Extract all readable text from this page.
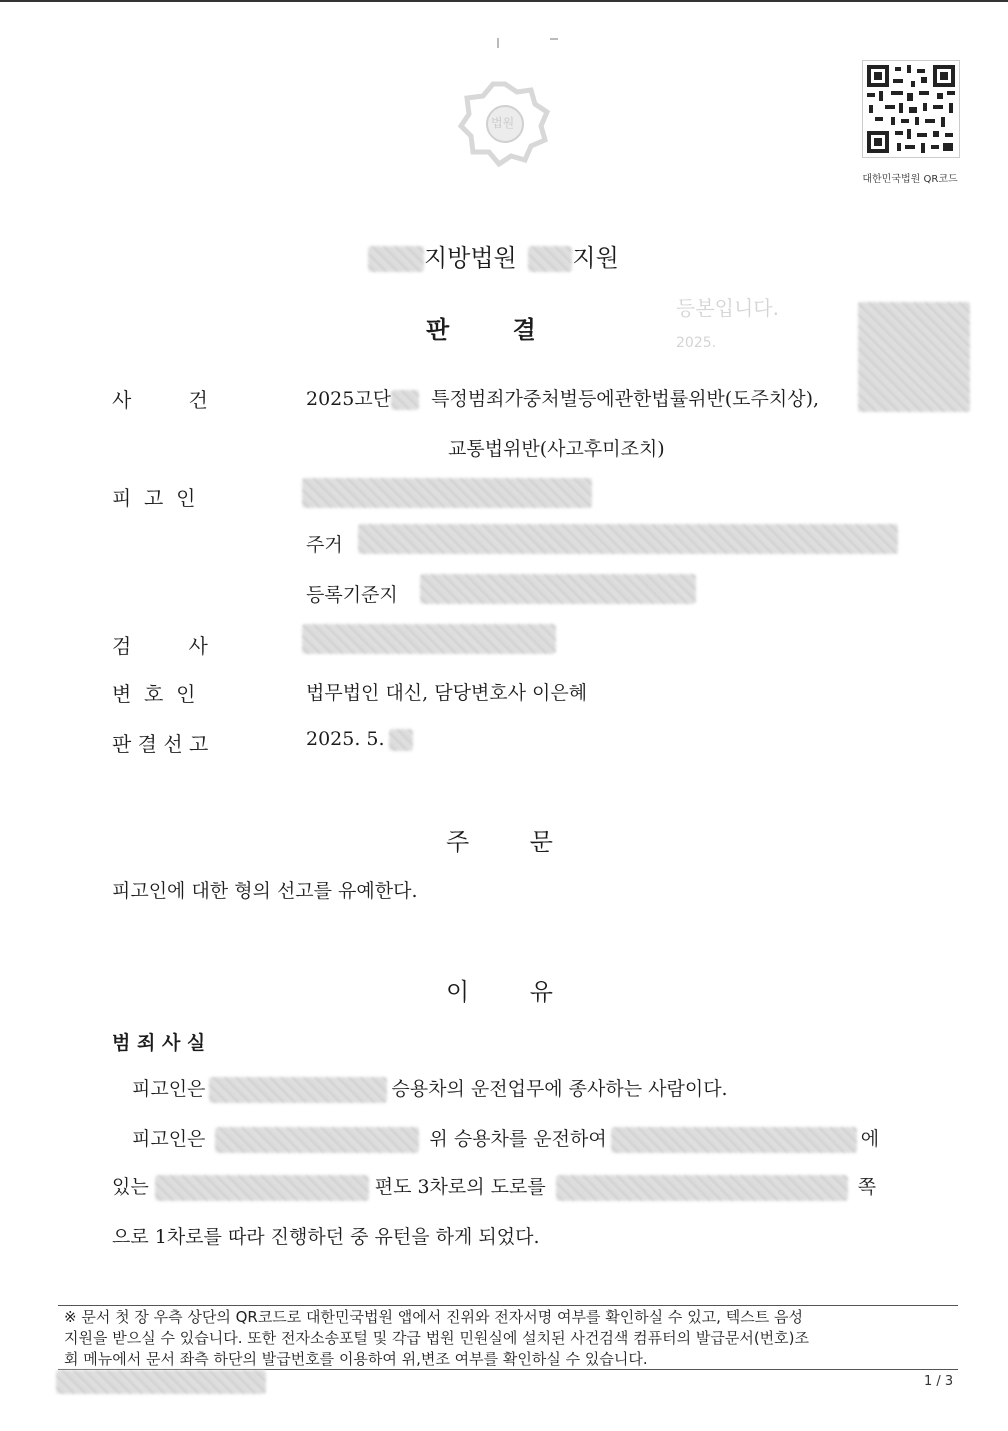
법원
대한민국법원 QR코드
지방법원 지원
판    결
등본입니다.
2025.
사         건	2025고단 특정범죄가중처벌등에관한법률위반(도주치상),
교통법위반(사고후미조치)
피  고  인
주거
등록기준지
검         사
변  호  인	법무법인 대신, 담당변호사 이은혜
판 결 선 고	2025. 5.
주    문
피고인에 대한 형의 선고를 유예한다.
이    유
범 죄 사 실
피고인은	승용차의 운전업무에 종사하는 사람이다.
피고인은	위 승용차를 운전하여	에
있는	편도 3차로의 도로를	쪽
으로 1차로를 따라 진행하던 중 유턴을 하게 되었다.
※ 문서 첫 장 우측 상단의 QR코드로 대한민국법원 앱에서 진위와 전자서명 여부를 확인하실 수 있고, 텍스트 음성
지원을 받으실 수 있습니다. 또한 전자소송포털 및 각급 법원 민원실에 설치된 사건검색 컴퓨터의 발급문서(번호)조
회 메뉴에서 문서 좌측 하단의 발급번호를 이용하여 위,변조 여부를 확인하실 수 있습니다.
1 / 3
